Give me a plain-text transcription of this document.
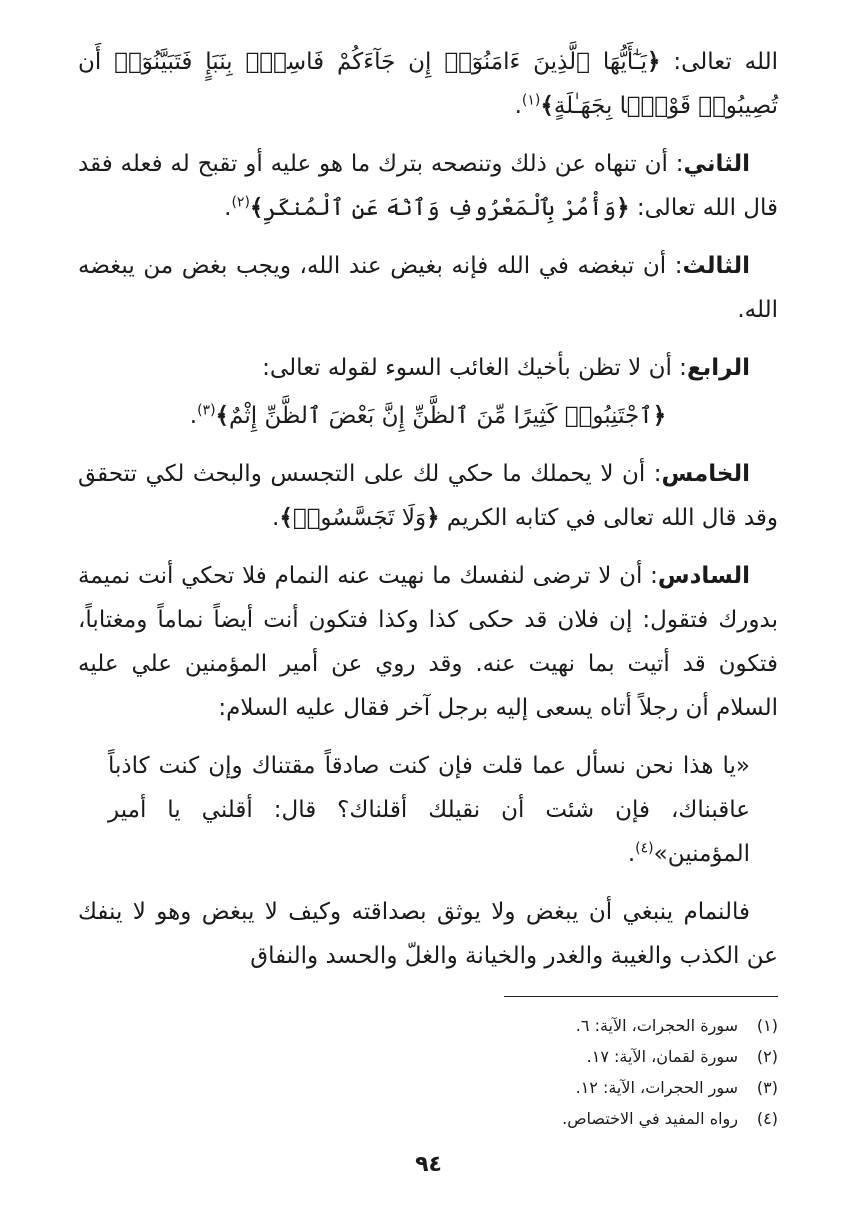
الله تعالى: ﴿يَـٰٓأَيُّهَا ٱلَّذِينَ ءَامَنُوٓا۟ إِن جَآءَكُمْ فَاسِقٌۢ بِنَبَإٍ فَتَبَيَّنُوٓا۟ أَن تُصِيبُوا۟ قَوْمًۢا بِجَهَـٰلَةٍ﴾$^{(١)}$.

الثاني: أن تنهاه عن ذلك وتنصحه بترك ما هو عليه أو تقبح له فعله فقد قال الله تعالى: ﴿وَأْمُرْ بِٱلْمَعْرُوفِ وَٱنْهَ عَنِ ٱلْمُنكَرِ﴾$^{(٢)}$.

الثالث: أن تبغضه في الله فإنه بغيض عند الله، ويجب بغض من يبغضه الله.

الرابع: أن لا تظن بأخيك الغائب السوء لقوله تعالى:

﴿ٱجْتَنِبُوا۟ كَثِيرًا مِّنَ ٱلظَّنِّ إِنَّ بَعْضَ ٱلظَّنِّ إِثْمٌ﴾$^{(٣)}$.

الخامس: أن لا يحملك ما حكي لك على التجسس والبحث لكي تتحقق وقد قال الله تعالى في كتابه الكريم ﴿وَلَا تَجَسَّسُوا۟﴾.

السادس: أن لا ترضى لنفسك ما نهيت عنه النمام فلا تحكي أنت نميمة بدورك فتقول: إن فلان قد حكى كذا وكذا فتكون أنت أيضاً نماماً ومغتاباً، فتكون قد أتيت بما نهيت عنه. وقد روي عن أمير المؤمنين علي عليه السلام أن رجلاً أتاه يسعى إليه برجل آخر فقال عليه السلام:

«يا هذا نحن نسأل عما قلت فإن كنت صادقاً مقتناك وإن كنت كاذباً عاقبناك، فإن شئت أن نقيلك أقلناك؟ قال: أقلني يا أمير المؤمنين»$^{(٤)}$.

فالنمام ينبغي أن يبغض ولا يوثق بصداقته وكيف لا يبغض وهو لا ينفك عن الكذب والغيبة والغدر والخيانة والغلّ والحسد والنفاق

(١)سورة الحجرات، الآية: ٦.
(٢)سورة لقمان، الآية: ١٧.
(٣)سور الحجرات، الآية: ١٢.
(٤)رواه المفيد في الاختصاص.
٩٤
